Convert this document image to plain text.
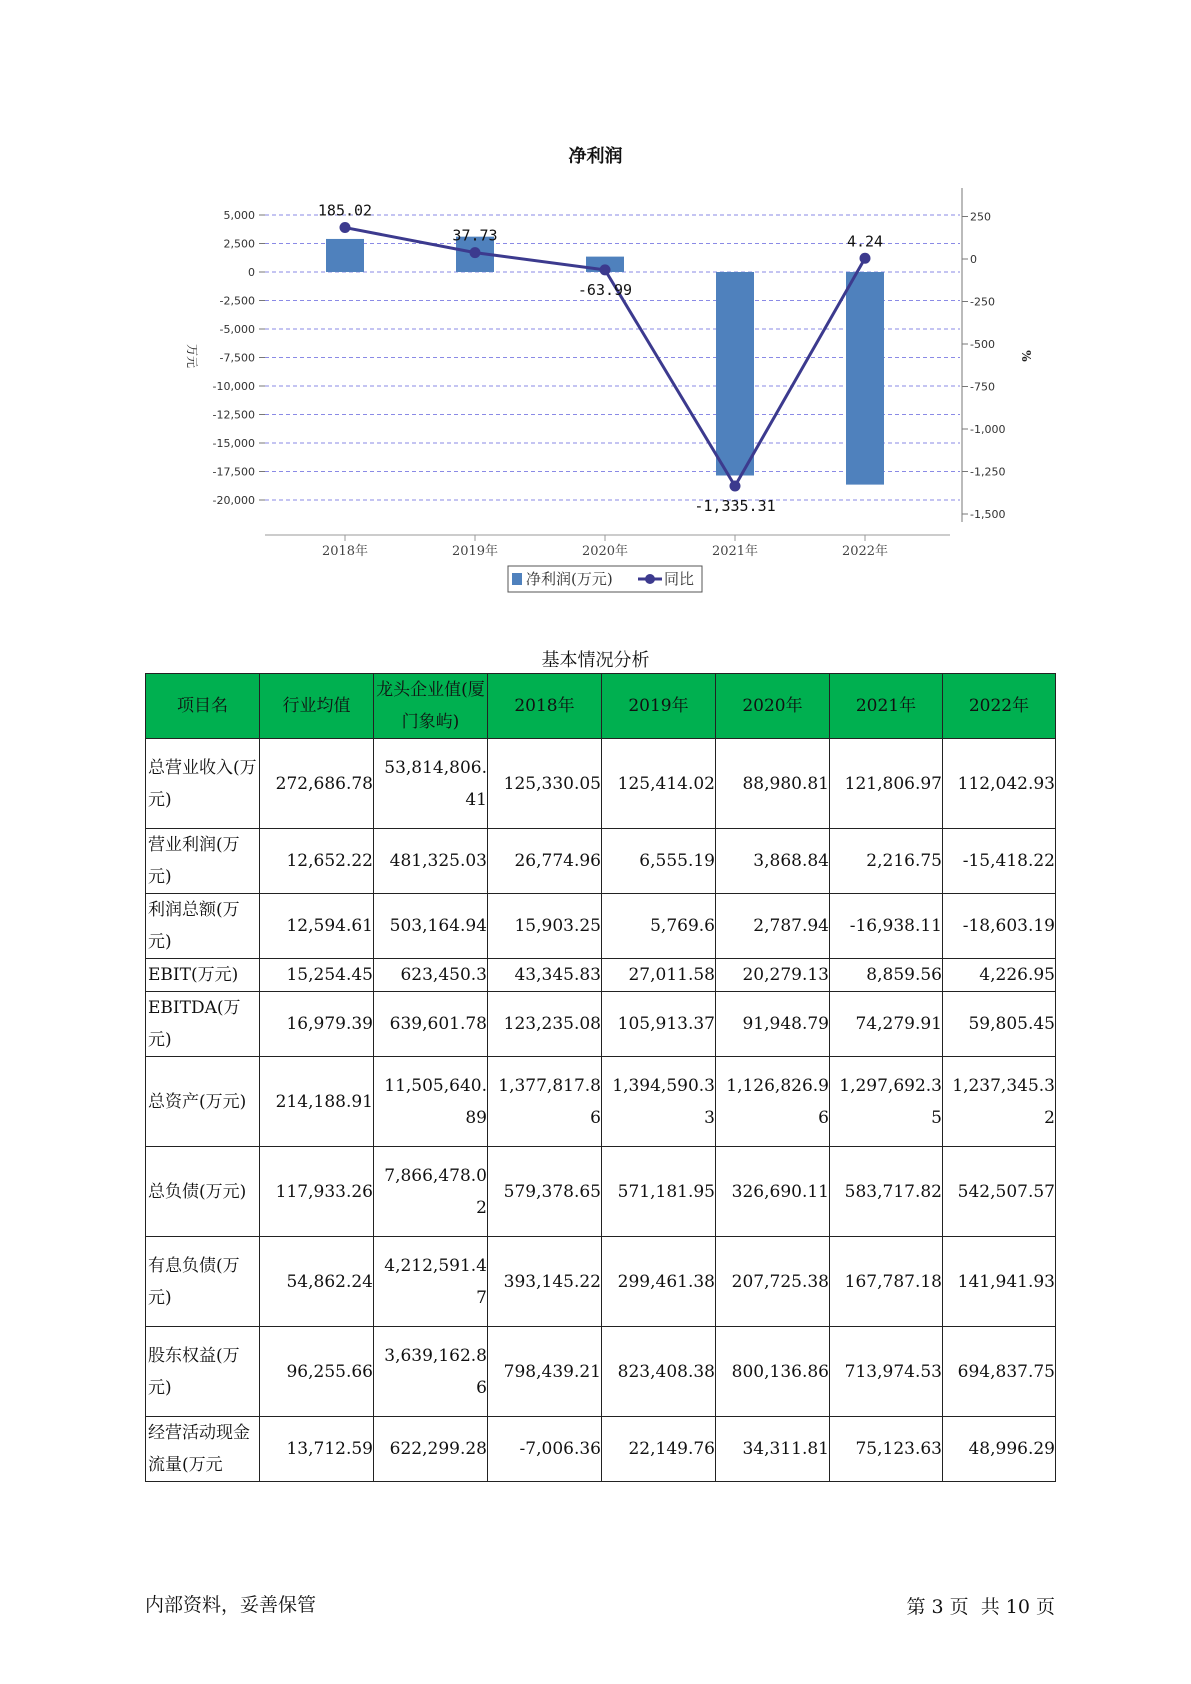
净利润
5,000
2,500
0
-2,500
-5,000
-7,500
-10,000
-12,500
-15,000
-17,500
-20,000
250
0
-250
-500
-750
-1,000
-1,250
-1,500
2018年	2019年	2020年	2021年	2022年
万元	%
185.02
37.73
-63.99
-1,335.31
4.24
净利润(万元)	同比
基本情况分析
项目名	行业均值	龙头企业值(厦门象屿)	2018年	2019年	2020年	2021年	2022年
总营业收入(万元)	272,686.78	53,814,806.41	125,330.05	125,414.02	88,980.81	121,806.97	112,042.93
营业利润(万元)	12,652.22	481,325.03	26,774.96	6,555.19	3,868.84	2,216.75	-15,418.22
利润总额(万元)	12,594.61	503,164.94	15,903.25	5,769.6	2,787.94	-16,938.11	-18,603.19
EBIT(万元)	15,254.45	623,450.3	43,345.83	27,011.58	20,279.13	8,859.56	4,226.95
EBITDA(万元)	16,979.39	639,601.78	123,235.08	105,913.37	91,948.79	74,279.91	59,805.45
总资产(万元)	214,188.91	11,505,640.89	1,377,817.86	1,394,590.33	1,126,826.96	1,297,692.35	1,237,345.32
总负债(万元)	117,933.26	7,866,478.02	579,378.65	571,181.95	326,690.11	583,717.82	542,507.57
有息负债(万元)	54,862.24	4,212,591.47	393,145.22	299,461.38	207,725.38	167,787.18	141,941.93
股东权益(万元)	96,255.66	3,639,162.86	798,439.21	823,408.38	800,136.86	713,974.53	694,837.75
经营活动现金流量(万元	13,712.59	622,299.28	-7,006.36	22,149.76	34,311.81	75,123.63	48,996.29
内部资料，妥善保管	第 3 页  共 10 页
